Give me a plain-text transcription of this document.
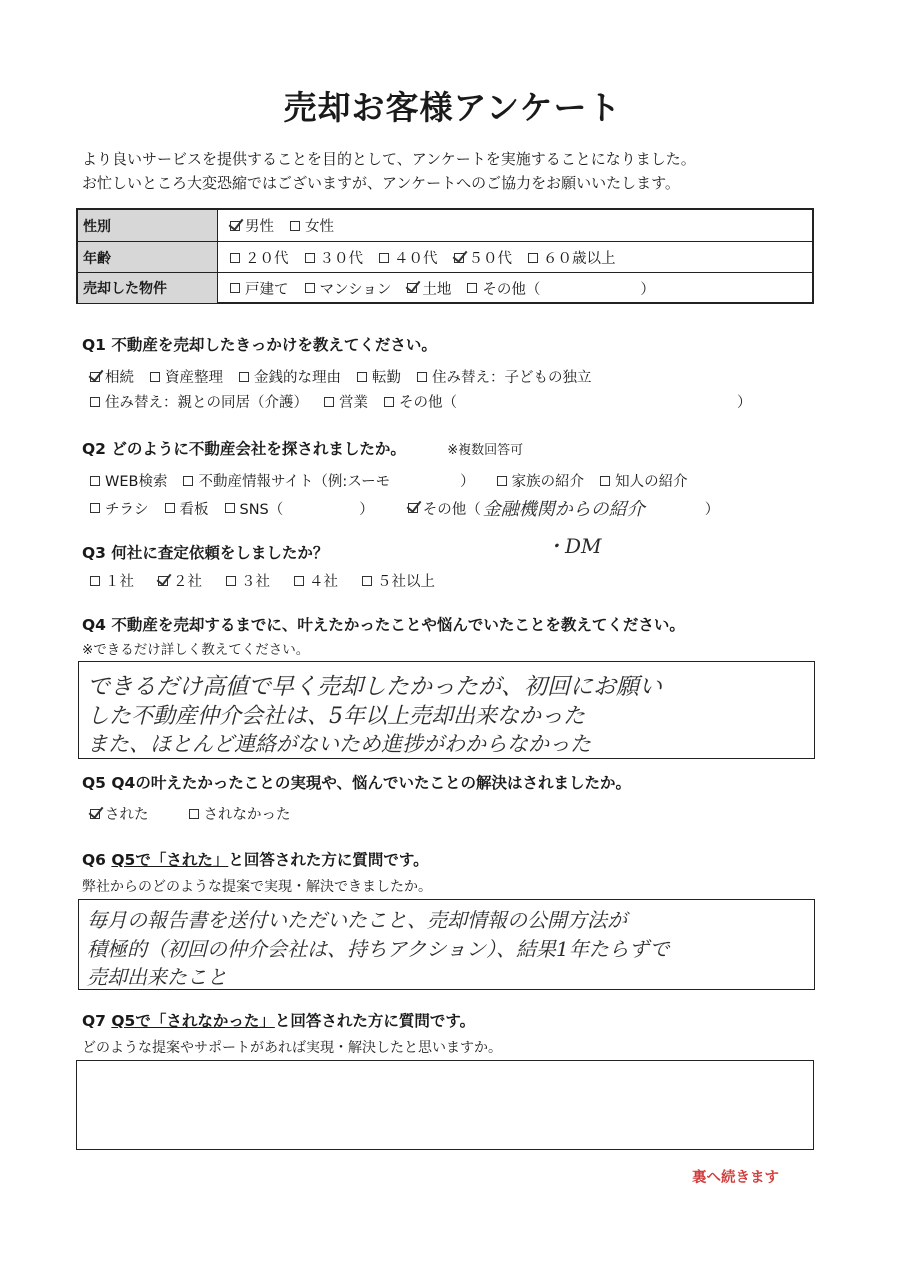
売却お客様アンケート
より良いサービスを提供することを目的として、アンケートを実施することになりました。
お忙しいところ大変恐縮ではございますが、アンケートへのご協力をお願いいたします。
性別	男性 女性
年齢	２０代 ３０代 ４０代 ５０代 ６０歳以上
売却した物件	戸建て マンション 土地 その他（	）
Q1 不動産を売却したきっかけを教えてください。
相続 資産整理 金銭的な理由 転勤 住み替え：子どもの独立
住み替え：親との同居（介護） 営業 その他（	）
Q2 どのように不動産会社を探されましたか。	※複数回答可
WEB検索 不動産情報サイト（例:スーモ	）	家族の紹介 知人の紹介
チラシ 看板 SNS（	）	その他（ 金融機関からの紹介	）
・DM
Q3 何社に査定依頼をしましたか？
１社	２社	３社	４社	５社以上
Q4 不動産を売却するまでに、叶えたかったことや悩んでいたことを教えてください。
※できるだけ詳しく教えてください。
できるだけ高値で早く売却したかったが、初回にお願い
した不動産仲介会社は、5年以上売却出来なかった
また、ほとんど連絡がないため進捗がわからなかった
Q5 Q4の叶えたかったことの実現や、悩んでいたことの解決はされましたか。
された	されなかった
Q6 Q5で「された」と回答された方に質問です。
弊社からのどのような提案で実現・解決できましたか。
毎月の報告書を送付いただいたこと、売却情報の公開方法が
積極的（初回の仲介会社は、持ちアクション）、結果1年たらずで
売却出来たこと
Q7 Q5で「されなかった」と回答された方に質問です。
どのような提案やサポートがあれば実現・解決したと思いますか。
裏へ続きます
